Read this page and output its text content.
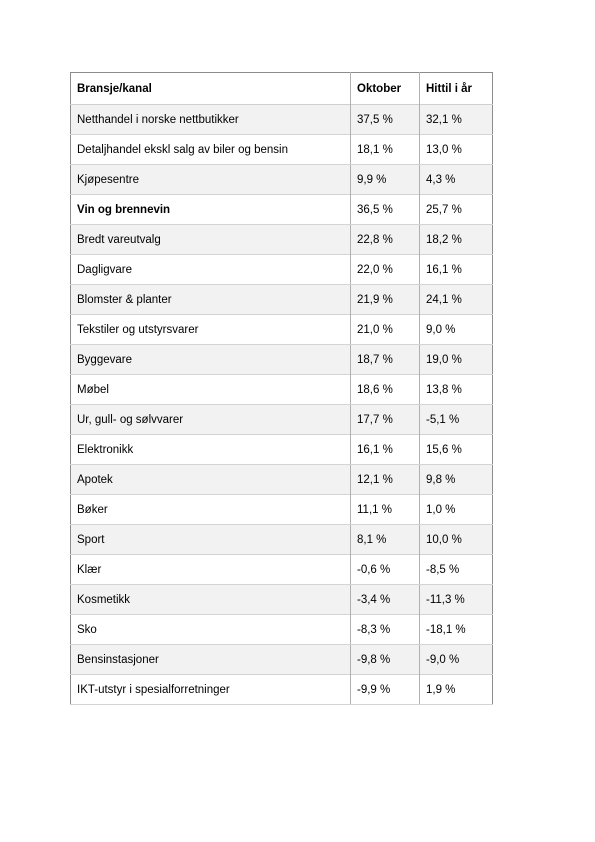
Bransje/kanal	Oktober	Hittil i år
Netthandel i norske nettbutikker	37,5 %	32,1 %
Detaljhandel ekskl salg av biler og bensin	18,1 %	13,0 %
Kjøpesentre	9,9 %	4,3 %
Vin og brennevin	36,5 %	25,7 %
Bredt vareutvalg	22,8 %	18,2 %
Dagligvare	22,0 %	16,1 %
Blomster & planter	21,9 %	24,1 %
Tekstiler og utstyrsvarer	21,0 %	9,0 %
Byggevare	18,7 %	19,0 %
Møbel	18,6 %	13,8 %
Ur, gull- og sølvvarer	17,7 %	-5,1 %
Elektronikk	16,1 %	15,6 %
Apotek	12,1 %	9,8 %
Bøker	11,1 %	1,0 %
Sport	8,1 %	10,0 %
Klær	-0,6 %	-8,5 %
Kosmetikk	-3,4 %	-11,3 %
Sko	-8,3 %	-18,1 %
Bensinstasjoner	-9,8 %	-9,0 %
IKT-utstyr i spesialforretninger	-9,9 %	1,9 %
